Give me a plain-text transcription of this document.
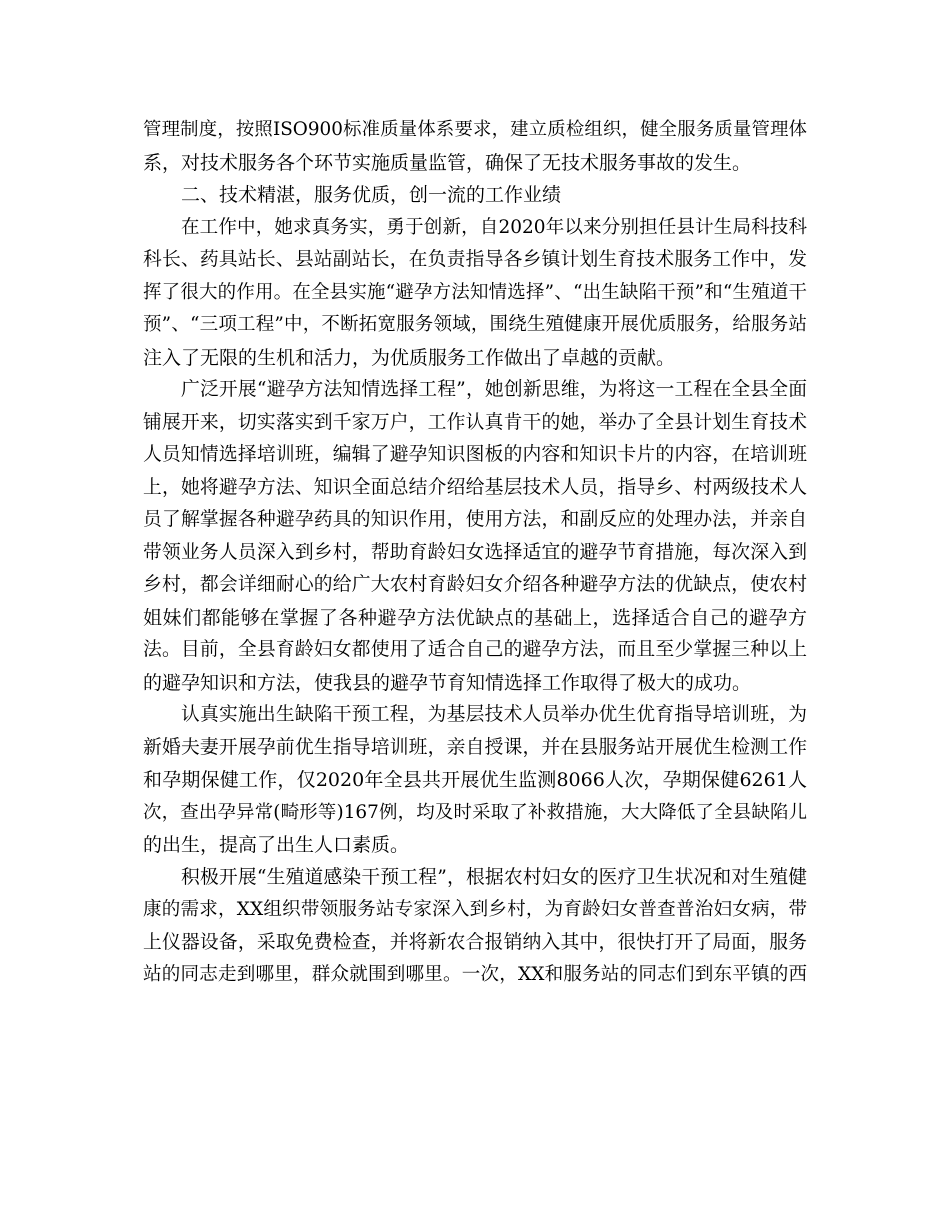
管理制度，按照ISO900标准质量体系要求，建立质检组织，健全服务质量管理体
系，对技术服务各个环节实施质量监管，确保了无技术服务事故的发生。

二、技术精湛，服务优质，创一流的工作业绩

在工作中，她求真务实，勇于创新，自2020年以来分别担任县计生局科技科
科长、药具站长、县站副站长，在负责指导各乡镇计划生育技术服务工作中，发
挥了很大的作用。在全县实施“避孕方法知情选择”、“出生缺陷干预”和“生殖道干
预”、“三项工程”中，不断拓宽服务领域，围绕生殖健康开展优质服务，给服务站
注入了无限的生机和活力，为优质服务工作做出了卓越的贡献。

广泛开展“避孕方法知情选择工程”，她创新思维，为将这一工程在全县全面
铺展开来，切实落实到千家万户，工作认真肯干的她，举办了全县计划生育技术
人员知情选择培训班，编辑了避孕知识图板的内容和知识卡片的内容，在培训班
上，她将避孕方法、知识全面总结介绍给基层技术人员，指导乡、村两级技术人
员了解掌握各种避孕药具的知识作用，使用方法，和副反应的处理办法，并亲自
带领业务人员深入到乡村，帮助育龄妇女选择适宜的避孕节育措施，每次深入到
乡村，都会详细耐心的给广大农村育龄妇女介绍各种避孕方法的优缺点，使农村
姐妹们都能够在掌握了各种避孕方法优缺点的基础上，选择适合自己的避孕方
法。目前，全县育龄妇女都使用了适合自己的避孕方法，而且至少掌握三种以上
的避孕知识和方法，使我县的避孕节育知情选择工作取得了极大的成功。

认真实施出生缺陷干预工程，为基层技术人员举办优生优育指导培训班，为
新婚夫妻开展孕前优生指导培训班，亲自授课，并在县服务站开展优生检测工作
和孕期保健工作，仅2020年全县共开展优生监测8066人次，孕期保健6261人
次，查出孕异常(畸形等)167例，均及时采取了补救措施，大大降低了全县缺陷儿
的出生，提高了出生人口素质。

积极开展“生殖道感染干预工程”，根据农村妇女的医疗卫生状况和对生殖健
康的需求，XX组织带领服务站专家深入到乡村，为育龄妇女普查普治妇女病，带
上仪器设备，采取免费检查，并将新农合报销纳入其中，很快打开了局面，服务
站的同志走到哪里，群众就围到哪里。一次，XX和服务站的同志们到东平镇的西
